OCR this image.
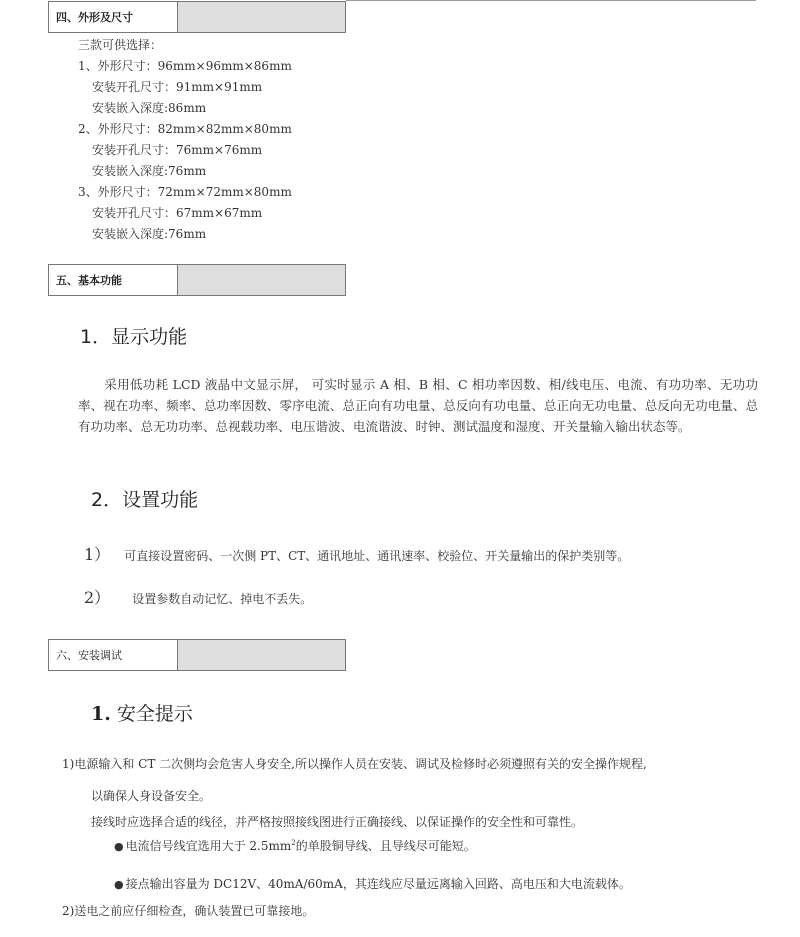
四、外形及尺寸
三款可供选择：
1、外形尺寸：96mm×96mm×86mm
安装开孔尺寸：91mm×91mm
安装嵌入深度:86mm
2、外形尺寸：82mm×82mm×80mm
安装开孔尺寸：76mm×76mm
安装嵌入深度:76mm
3、外形尺寸：72mm×72mm×80mm
安装开孔尺寸：67mm×67mm
安装嵌入深度:76mm
五、基本功能
1．显示功能
采用低功耗 LCD 液晶中文显示屏， 可实时显示 A 相、B 相、C 相功率因数、相/线电压、电流、有功功率、无功功率、视在功率、频率、总功率因数、零序电流、总正向有功电量、总反向有功电量、总正向无功电量、总反向无功电量、总有功功率、总无功功率、总视载功率、电压谐波、电流谐波、时钟、测试温度和湿度、开关量输入输出状态等。
2．设置功能
1） 可直接设置密码、一次侧 PT、CT、通讯地址、通讯速率、校验位、开关量输出的保护类别等。
2） 设置参数自动记忆、掉电不丢失。
六、安装调试
1. 安全提示
1)电源输入和 CT 二次侧均会危害人身安全,所以操作人员在安装、调试及检修时必须遵照有关的安全操作规程,
以确保人身设备安全。
接线时应选择合适的线径，并严格按照接线图进行正确接线、以保证操作的安全性和可靠性。
● 电流信号线宜选用大于 $2.5mm^2$的单股铜导线、且导线尽可能短。
● 接点输出容量为 DC12V、40mA/60mA，其连线应尽量远离输入回路、高电压和大电流载体。
2)送电之前应仔细检查，确认装置已可靠接地。
